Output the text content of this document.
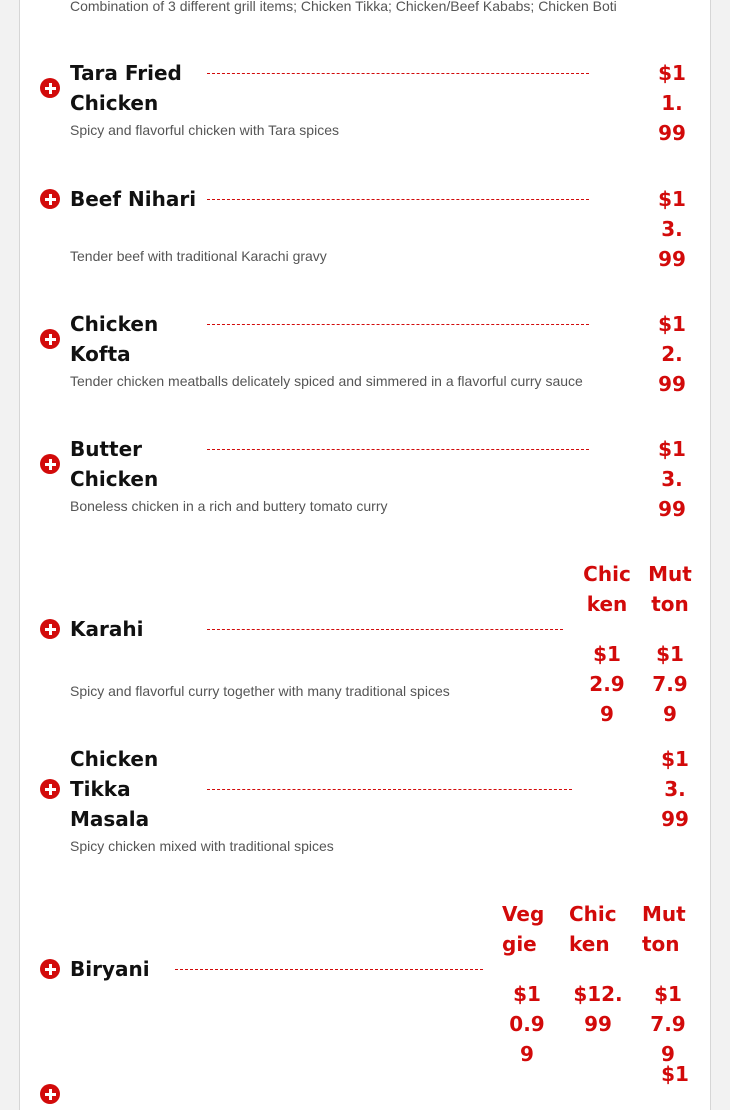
Combination of 3 different grill items; Chicken Tikka; Chicken/Beef Kababs; Chicken Boti
Tara Fried Chicken
$11.99
Spicy and flavorful chicken with Tara spices
Beef Nihari	$13.99
Tender beef with traditional Karachi gravy
Chicken Kofta
$12.99
Tender chicken meatballs delicately spiced and simmered in a flavorful curry sauce
Butter Chicken
$13.99
Boneless chicken in a rich and buttery tomato curry
Chicken
Mutton
Karahi
$12.99
$17.99
Spicy and flavorful curry together with many traditional spices
Chicken Tikka Masala
$13.99
Spicy chicken mixed with traditional spices
Veggie
Chicken
Mutton
Biryani
$10.99
$12.99
$17.99
$1
